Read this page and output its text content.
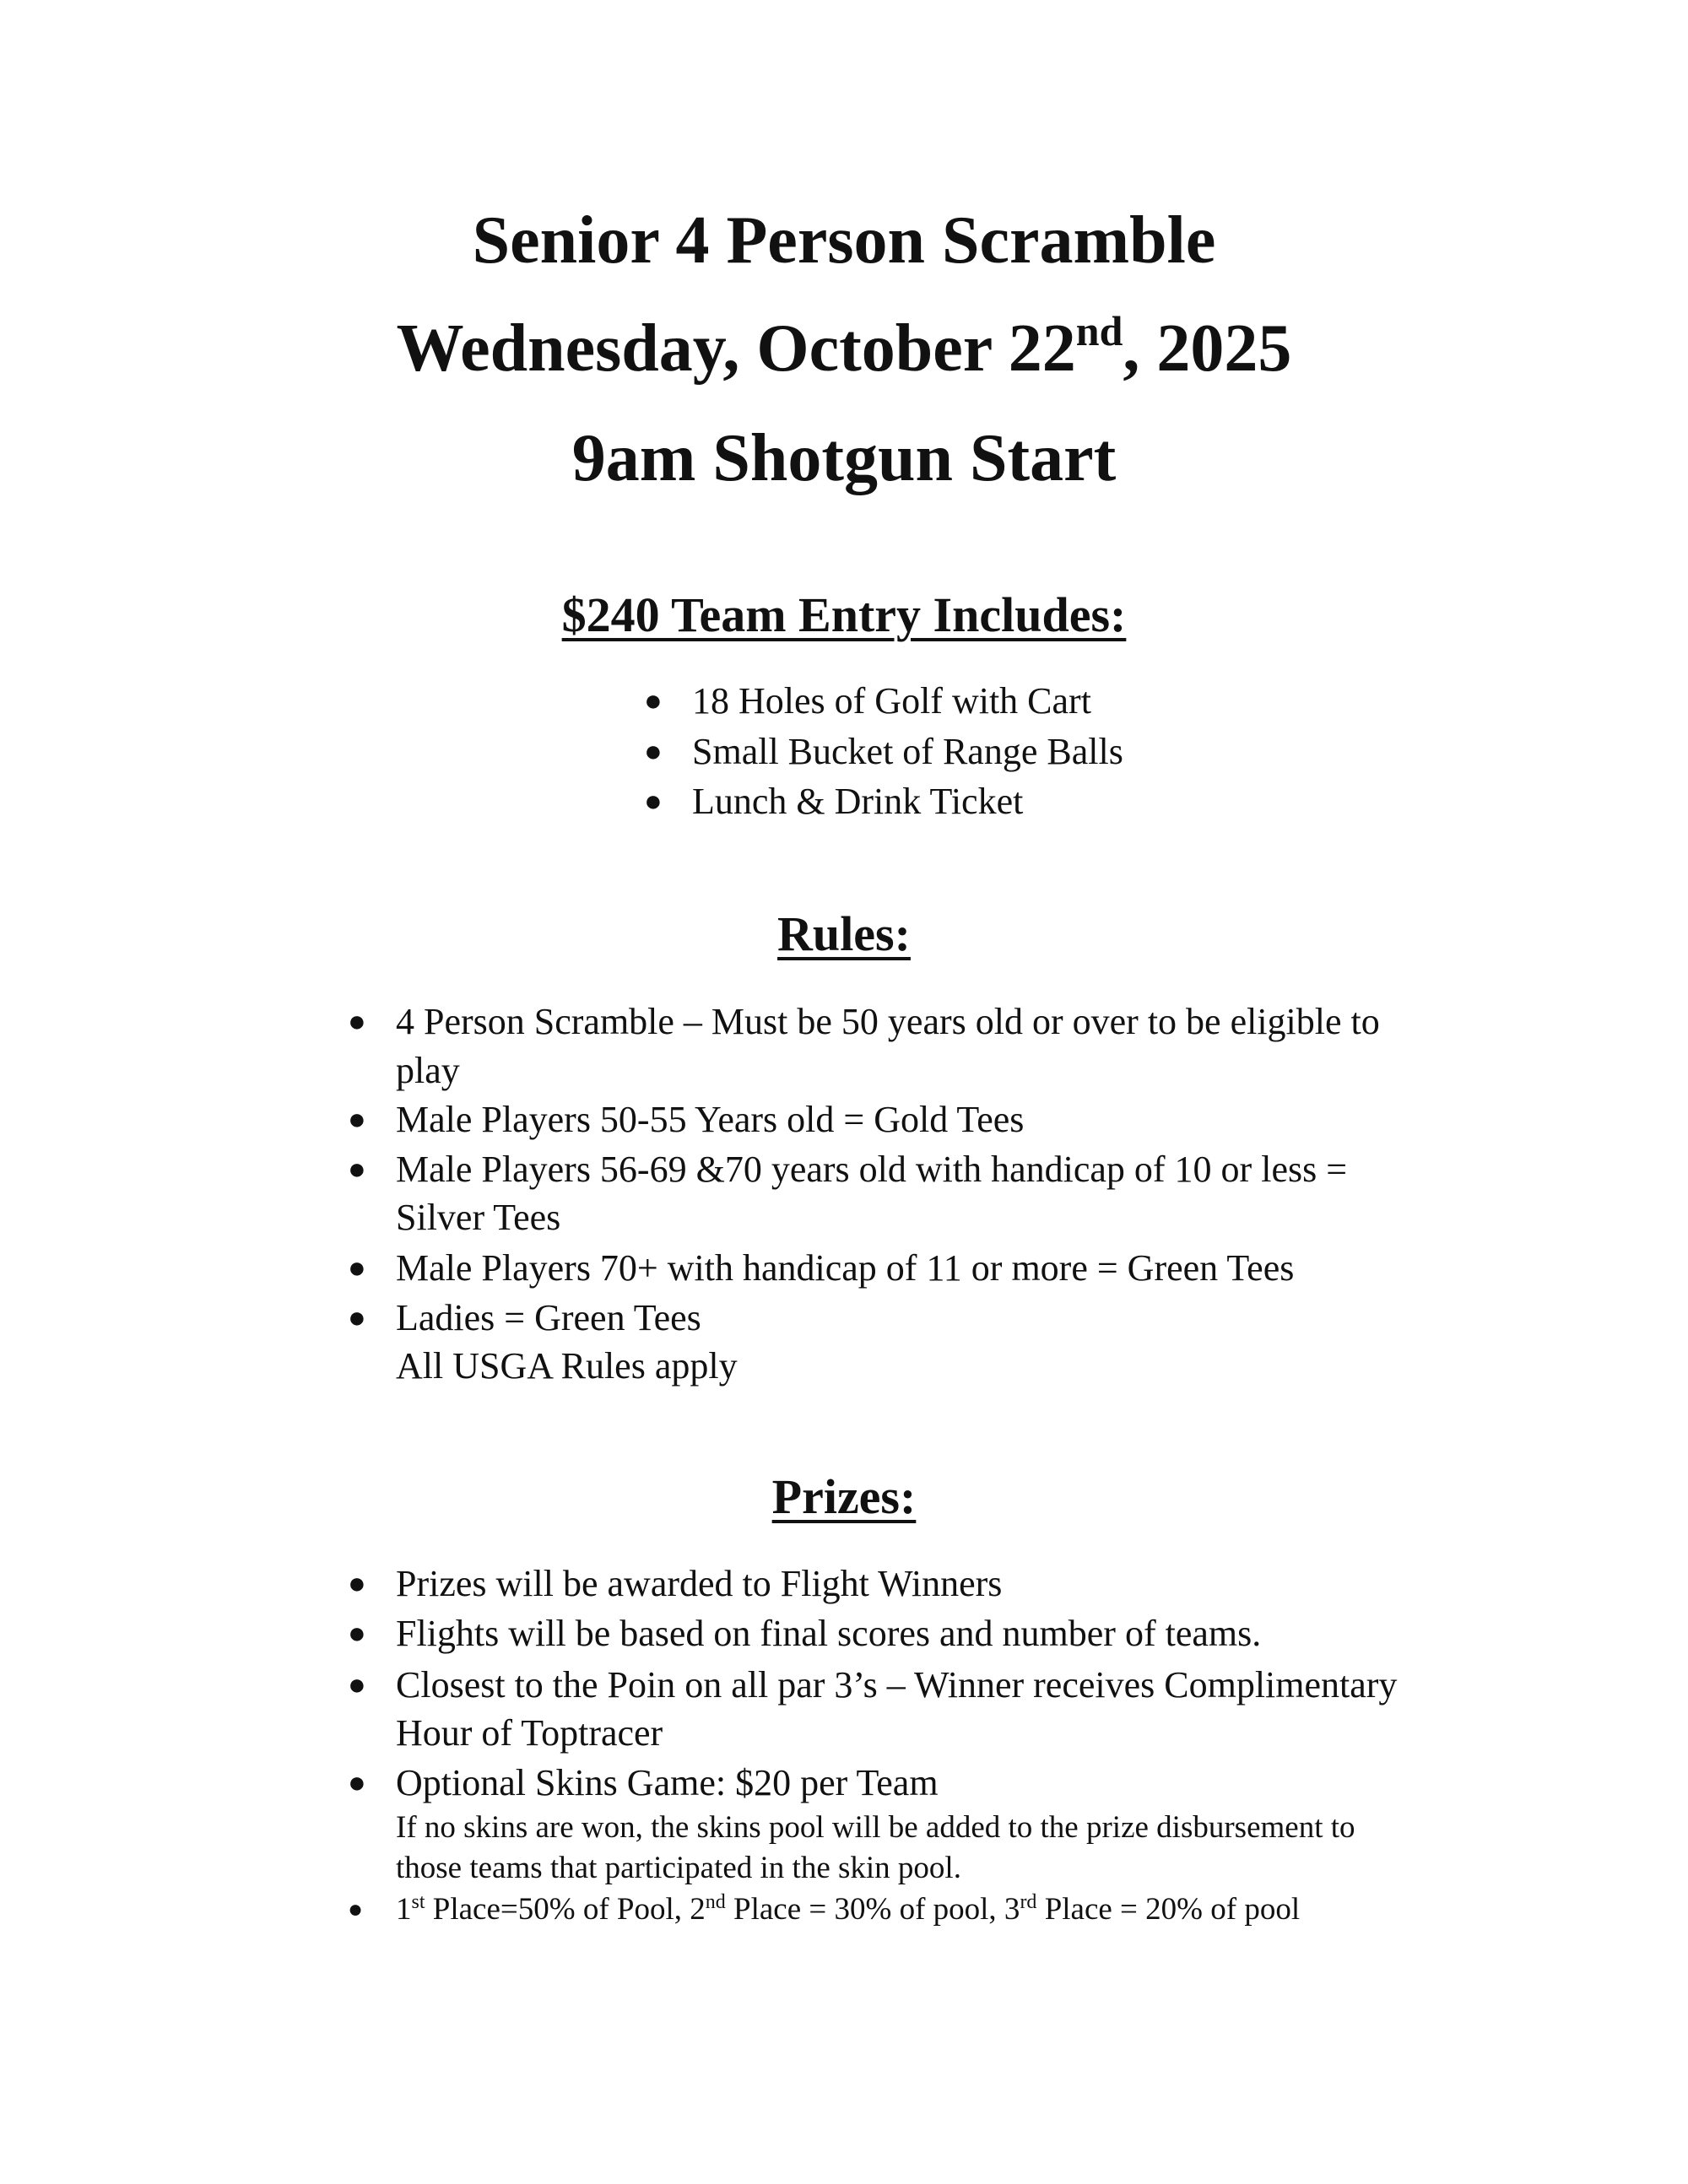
Senior 4 Person Scramble
Wednesday, October 22nd, 2025
9am Shotgun Start
$240 Team Entry Includes:
● 18 Holes of Golf with Cart
● Small Bucket of Range Balls
● Lunch & Drink Ticket
Rules:
● 4 Person Scramble – Must be 50 years old or over to be eligible to
play
● Male Players 50-55 Years old = Gold Tees
● Male Players 56-69 &70 years old with handicap of 10 or less =
Silver Tees
● Male Players 70+ with handicap of 11 or more = Green Tees
● Ladies = Green Tees
All USGA Rules apply
Prizes:
● Prizes will be awarded to Flight Winners
● Flights will be based on final scores and number of teams.
● Closest to the Poin on all par 3’s – Winner receives Complimentary
Hour of Toptracer
● Optional Skins Game: $20 per Team
If no skins are won, the skins pool will be added to the prize disbursement to
those teams that participated in the skin pool.
● 1st Place=50% of Pool, 2nd Place = 30% of pool, 3rd Place = 20% of pool
